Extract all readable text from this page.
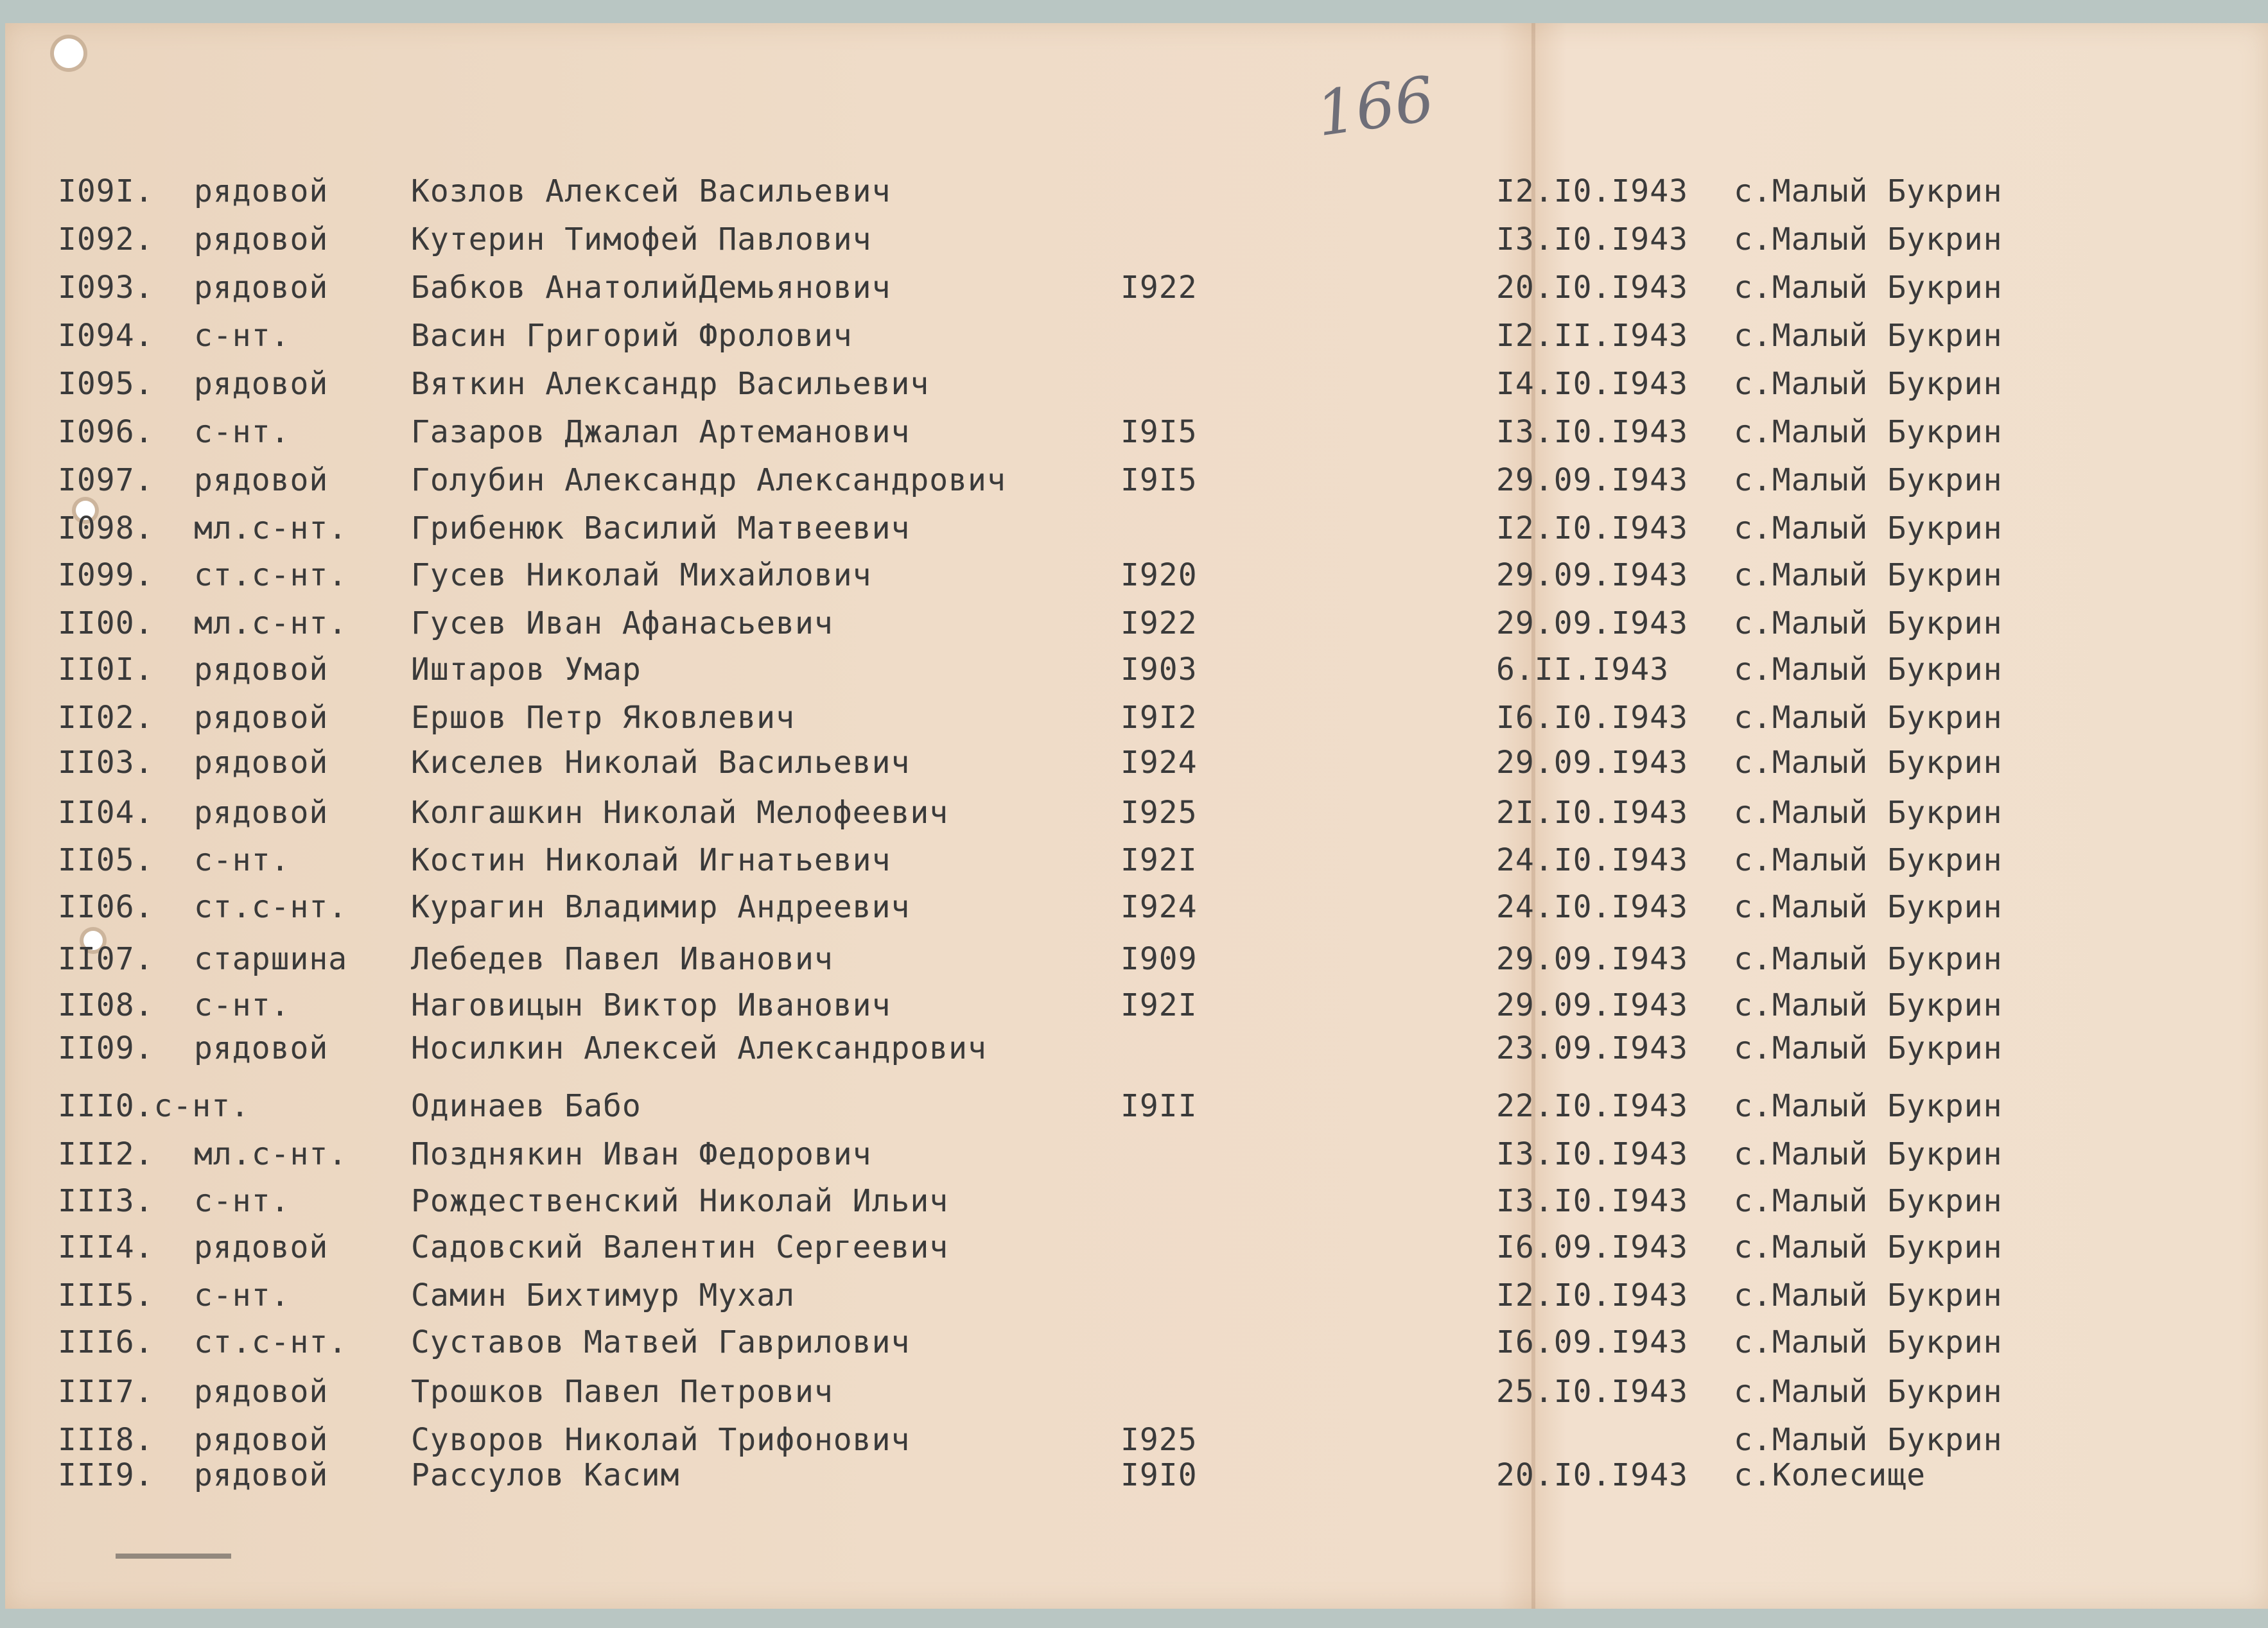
166
I09I. рядовой	Козлов Алексей Васильевич	I2.I0.I943 с.Малый Букрин
I092. рядовой	Кутерин Тимофей Павлович	I3.I0.I943 с.Малый Букрин
I093. рядовой	Бабков АнатолийДемьянович	I922	20.I0.I943 с.Малый Букрин
I094. с-нт.	Васин Григорий Фролович	I2.II.I943 с.Малый Букрин
I095. рядовой	Вяткин Александр Васильевич	I4.I0.I943 с.Малый Букрин
I096. с-нт.	Газаров Джалал Артеманович	I9I5	I3.I0.I943 с.Малый Букрин
I097. рядовой	Голубин Александр Александрович	I9I5	29.09.I943 с.Малый Букрин
I098. мл.с-нт. Грибенюк Василий Матвеевич	I2.I0.I943 с.Малый Букрин
I099. ст.с-нт. Гусев Николай Михайлович	I920	29.09.I943 с.Малый Букрин
II00. мл.с-нт. Гусев Иван Афанасьевич	I922	29.09.I943 с.Малый Букрин
II0I. рядовой	Иштаров Умар	I903	6.II.I943 с.Малый Букрин
II02. рядовой	Ершов Петр Яковлевич	I9I2	I6.I0.I943 с.Малый Букрин
II03. рядовой	Киселев Николай Васильевич	I924	29.09.I943 с.Малый Букрин
II04. рядовой	Колгашкин Николай Мелофеевич	I925	2I.I0.I943 с.Малый Букрин
II05. с-нт.	Костин Николай Игнатьевич	I92I	24.I0.I943 с.Малый Букрин
II06. ст.с-нт. Курагин Владимир Андреевич	I924	24.I0.I943 с.Малый Букрин
II07. старшина Лебедев Павел Иванович	I909	29.09.I943 с.Малый Букрин
II08. с-нт.	Наговицын Виктор Иванович	I92I	29.09.I943 с.Малый Букрин
II09. рядовой	Носилкин Алексей Александрович	23.09.I943 с.Малый Букрин
III0.с-нт.	Одинаев Бабо	I9II	22.I0.I943 с.Малый Букрин
III2. мл.с-нт. Позднякин Иван Федорович	I3.I0.I943 с.Малый Букрин
III3. с-нт.	Рождественский Николай Ильич	I3.I0.I943 с.Малый Букрин
III4. рядовой	Садовский Валентин Сергеевич	I6.09.I943 с.Малый Букрин
III5. с-нт.	Самин Бихтимур Мухал	I2.I0.I943 с.Малый Букрин
III6. ст.с-нт. Суставов Матвей Гаврилович	I6.09.I943 с.Малый Букрин
III7. рядовой	Трошков Павел Петрович	25.I0.I943 с.Малый Букрин
III8. рядовой	Суворов Николай Трифонович	I925	с.Малый Букрин
III9. рядовой	Рассулов Касим	I9I0	20.I0.I943 с.Колесище
